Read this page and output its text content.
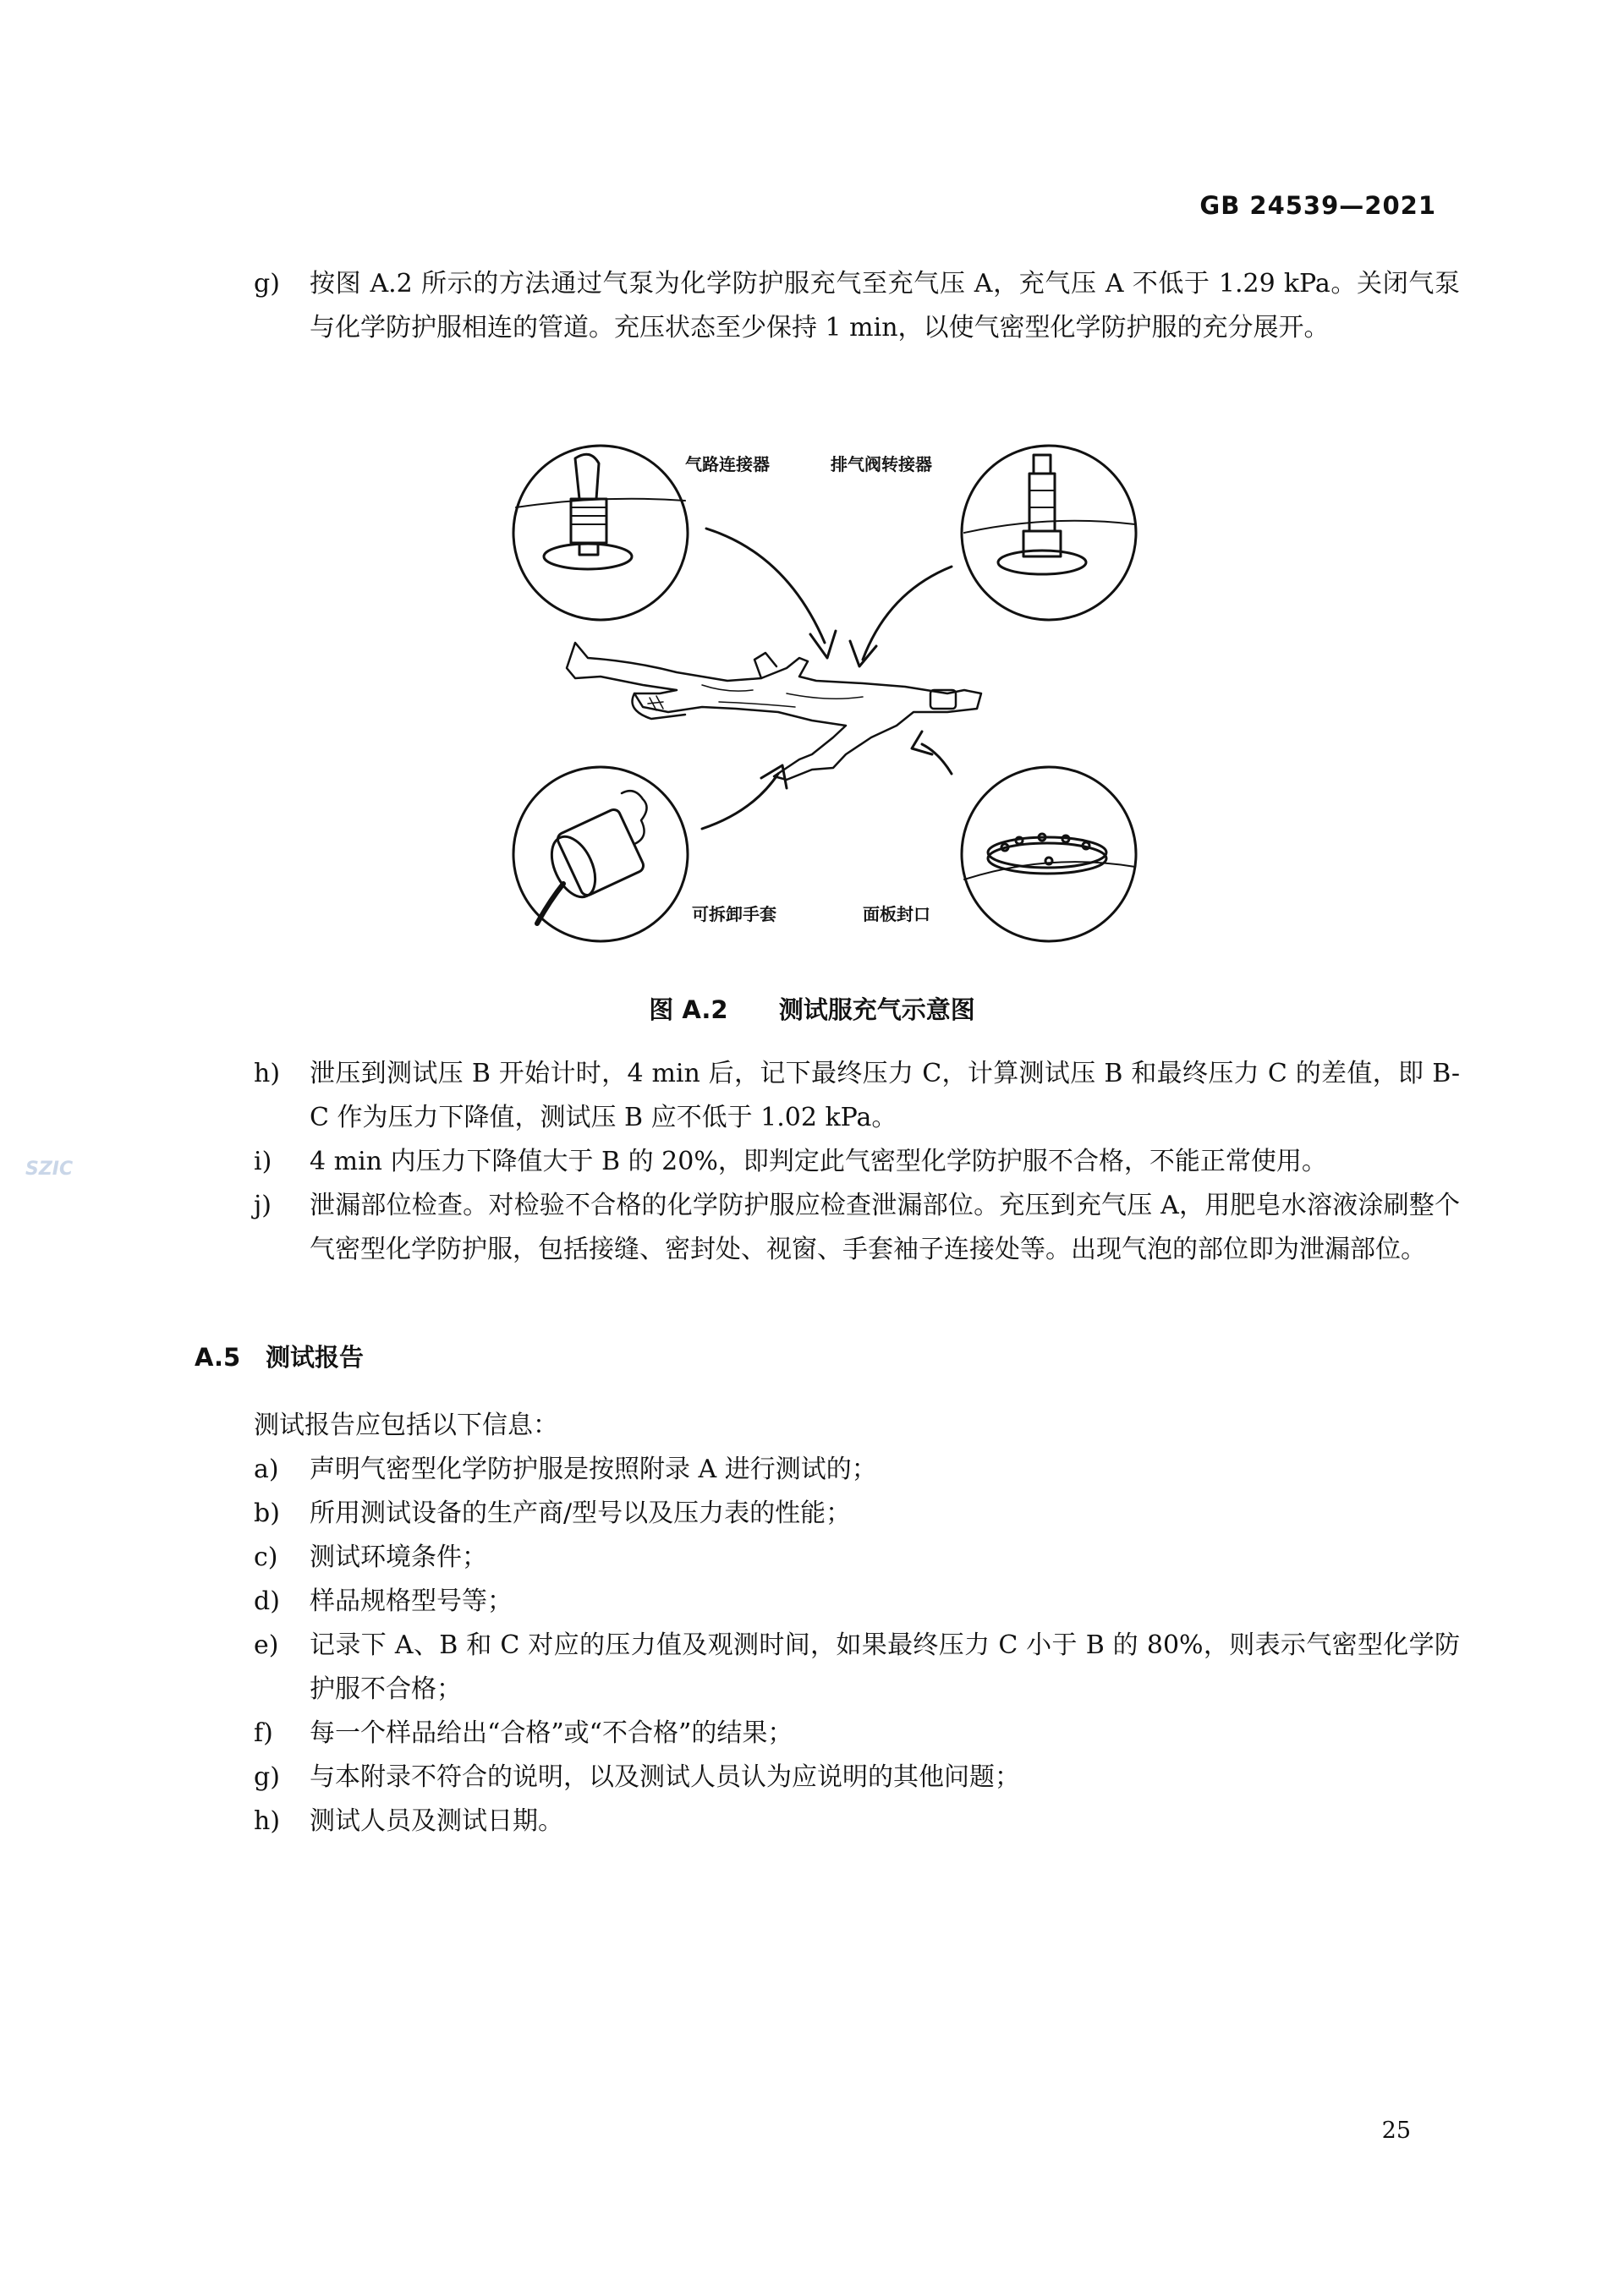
GB 24539—2021
g) 按图 A.2 所示的方法通过气泵为化学防护服充气至充气压 A，充气压 A 不低于 1.29 kPa。关闭气泵与化学防护服相连的管道。充压状态至少保持 1 min，以使气密型化学防护服的充分展开。
气路连接器	排气阀转接器
可拆卸手套	面板封口
图 A.2 测试服充气示意图
h) 泄压到测试压 B 开始计时，4 min 后，记下最终压力 C，计算测试压 B 和最终压力 C 的差值，即 B-C 作为压力下降值，测试压 B 应不低于 1.02 kPa。
i) 4 min 内压力下降值大于 B 的 20%，即判定此气密型化学防护服不合格，不能正常使用。
j) 泄漏部位检查。对检验不合格的化学防护服应检查泄漏部位。充压到充气压 A，用肥皂水溶液涂刷整个气密型化学防护服，包括接缝、密封处、视窗、手套袖子连接处等。出现气泡的部位即为泄漏部位。
SZIC
A.5 测试报告
测试报告应包括以下信息：
a) 声明气密型化学防护服是按照附录 A 进行测试的；
b) 所用测试设备的生产商/型号以及压力表的性能；
c) 测试环境条件；
d) 样品规格型号等；
e) 记录下 A、B 和 C 对应的压力值及观测时间，如果最终压力 C 小于 B 的 80%，则表示气密型化学防护服不合格；
f) 每一个样品给出“合格”或“不合格”的结果；
g) 与本附录不符合的说明，以及测试人员认为应说明的其他问题；
h) 测试人员及测试日期。
25
